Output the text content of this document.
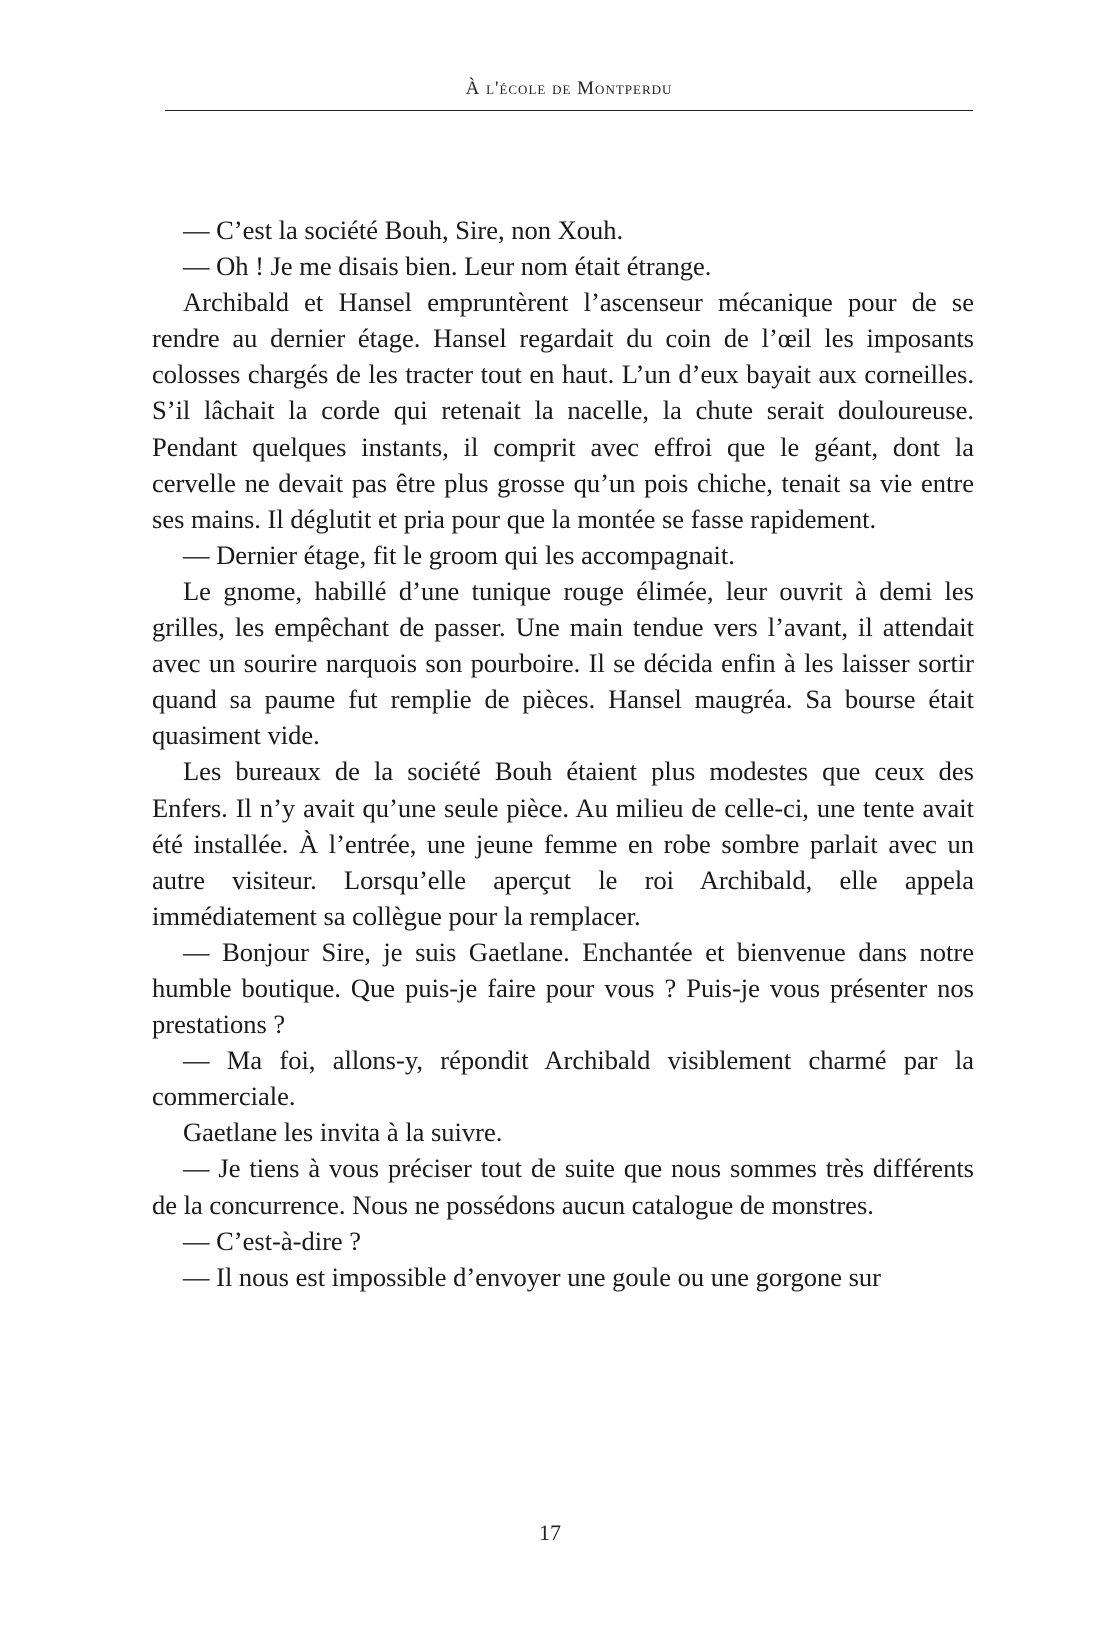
À l'école de Montperdu

— C’est la société Bouh, Sire, non Xouh.

— Oh ! Je me disais bien. Leur nom était étrange.

Archibald et Hansel empruntèrent l’ascenseur mécanique pour de se rendre au dernier étage. Hansel regardait du coin de l’œil les imposants colosses chargés de les tracter tout en haut. L’un d’eux bayait aux corneilles. S’il lâchait la corde qui retenait la nacelle, la chute serait douloureuse. Pendant quelques instants, il comprit avec effroi que le géant, dont la cervelle ne devait pas être plus grosse qu’un pois chiche, tenait sa vie entre ses mains. Il déglutit et pria pour que la montée se fasse rapidement.

— Dernier étage, fit le groom qui les accompagnait.

Le gnome, habillé d’une tunique rouge élimée, leur ouvrit à demi les grilles, les empêchant de passer. Une main tendue vers l’avant, il attendait avec un sourire narquois son pourboire. Il se décida enfin à les laisser sortir quand sa paume fut remplie de pièces. Hansel maugréa. Sa bourse était quasiment vide.

Les bureaux de la société Bouh étaient plus modestes que ceux des Enfers. Il n’y avait qu’une seule pièce. Au milieu de celle-ci, une tente avait été installée. À l’entrée, une jeune femme en robe sombre parlait avec un autre visiteur. Lorsqu’elle aperçut le roi Archibald, elle appela immédiatement sa collègue pour la remplacer.

— Bonjour Sire, je suis Gaetlane. Enchantée et bienvenue dans notre humble boutique. Que puis-je faire pour vous ? Puis-je vous présenter nos prestations ?

— Ma foi, allons-y, répondit Archibald visiblement charmé par la commerciale.

Gaetlane les invita à la suivre.

— Je tiens à vous préciser tout de suite que nous sommes très différents de la concurrence. Nous ne possédons aucun catalogue de monstres.

— C’est-à-dire ?

— Il nous est impossible d’envoyer une goule ou une gorgone sur

17
